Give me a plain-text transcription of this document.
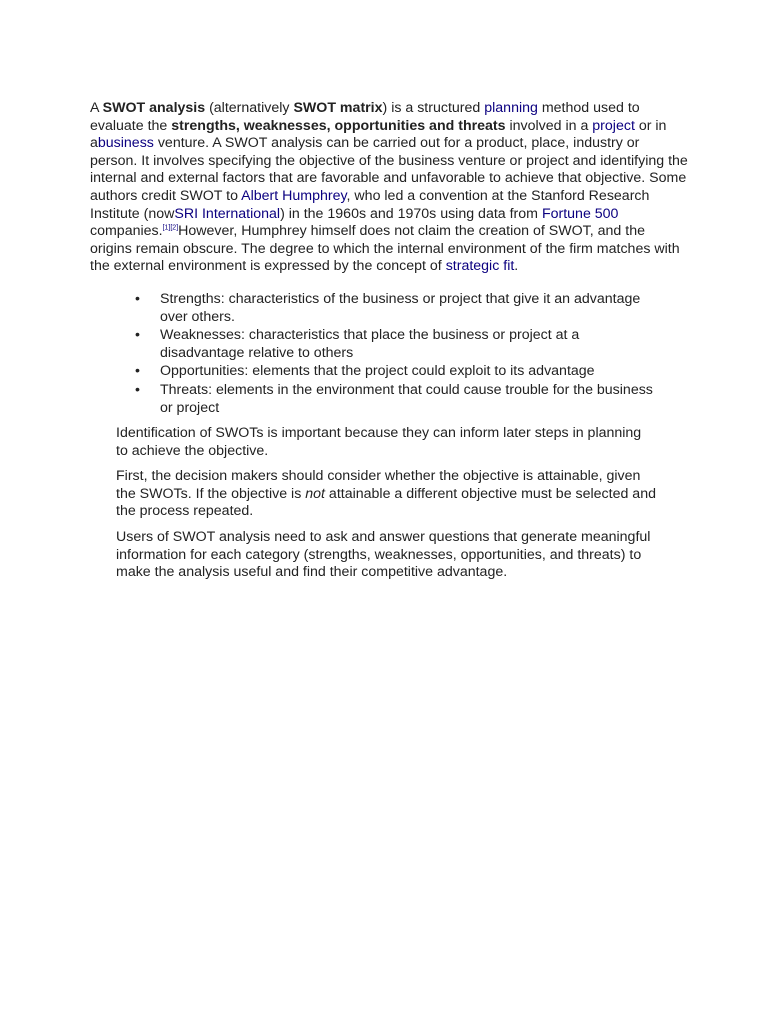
A SWOT analysis (alternatively SWOT matrix) is a structured planning method used to evaluate the strengths, weaknesses, opportunities and threats involved in a project or in abusiness venture. A SWOT analysis can be carried out for a product, place, industry or person. It involves specifying the objective of the business venture or project and identifying the internal and external factors that are favorable and unfavorable to achieve that objective. Some authors credit SWOT to Albert Humphrey, who led a convention at the Stanford Research Institute (nowSRI International) in the 1960s and 1970s using data from Fortune 500 companies.[1][2]However, Humphrey himself does not claim the creation of SWOT, and the origins remain obscure. The degree to which the internal environment of the firm matches with the external environment is expressed by the concept of strategic fit.

• Strengths: characteristics of the business or project that give it an advantage over others.
• Weaknesses: characteristics that place the business or project at a disadvantage relative to others
• Opportunities: elements that the project could exploit to its advantage
• Threats: elements in the environment that could cause trouble for the business or project

Identification of SWOTs is important because they can inform later steps in planning to achieve the objective.

First, the decision makers should consider whether the objective is attainable, given the SWOTs. If the objective is not attainable a different objective must be selected and the process repeated.

Users of SWOT analysis need to ask and answer questions that generate meaningful information for each category (strengths, weaknesses, opportunities, and threats) to make the analysis useful and find their competitive advantage.
